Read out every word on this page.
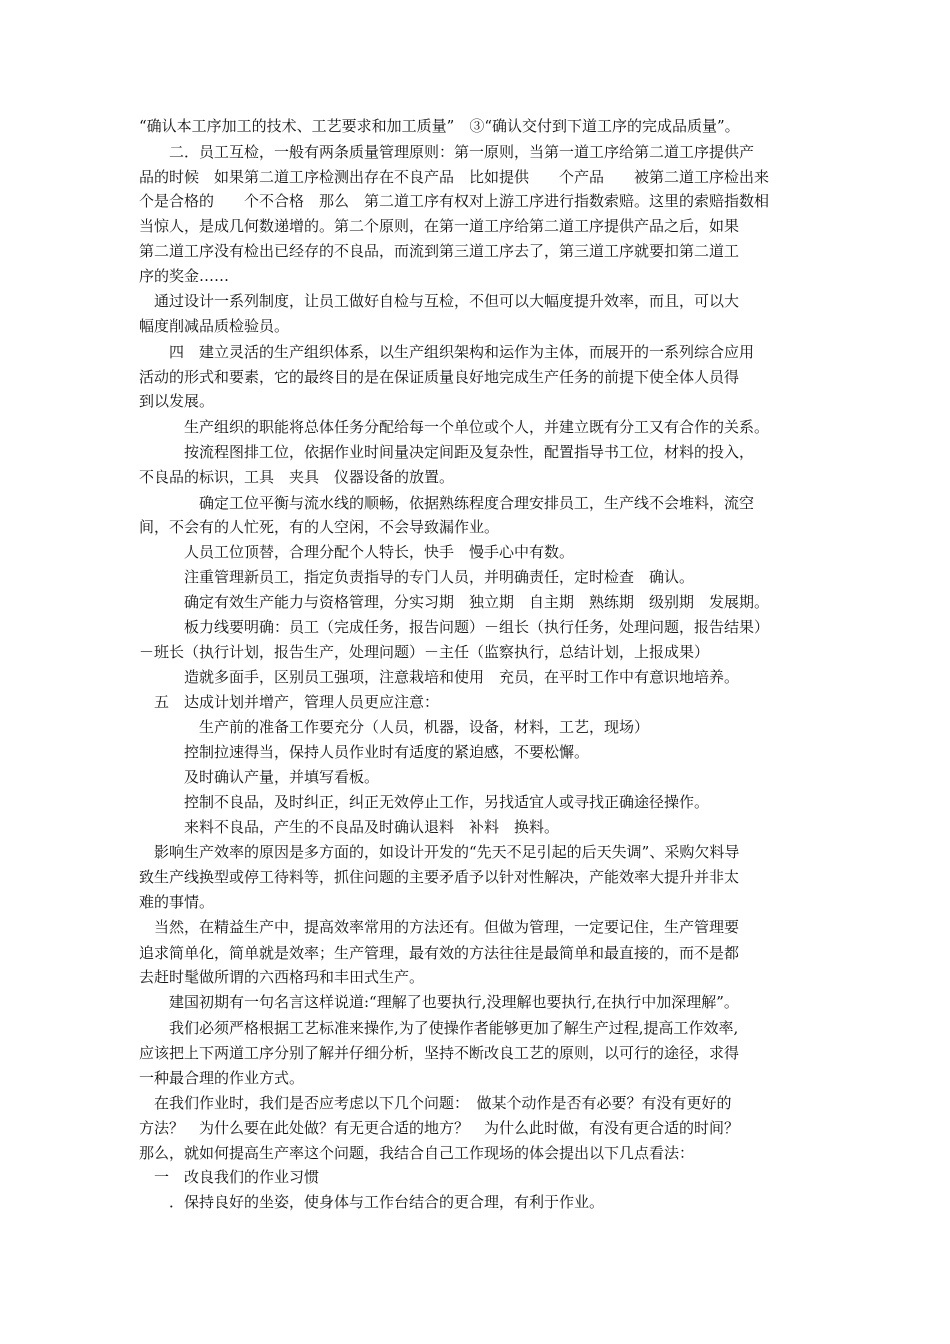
“确认本工序加工的技术、工艺要求和加工质量”　③“确认交付到下道工序的完成品质量”。

　　二．员工互检，一般有两条质量管理原则：第一原则，当第一道工序给第二道工序提供产

品的时候　如果第二道工序检测出存在不良产品　比如提供　　个产品　　被第二道工序检出来

个是合格的　　个不合格　那么　第二道工序有权对上游工序进行指数索赔。这里的索赔指数相

当惊人，是成几何数递增的。第二个原则，在第一道工序给第二道工序提供产品之后，如果

第二道工序没有检出已经存的不良品，而流到第三道工序去了，第三道工序就要扣第二道工

序的奖金……

　通过设计一系列制度，让员工做好自检与互检，不但可以大幅度提升效率，而且，可以大

幅度削减品质检验员。

　　四　建立灵活的生产组织体系，以生产组织架构和运作为主体，而展开的一系列综合应用

活动的形式和要素，它的最终目的是在保证质量良好地完成生产任务的前提下使全体人员得

到以发展。

　　　生产组织的职能将总体任务分配给每一个单位或个人，并建立既有分工又有合作的关系。

　　　按流程图排工位，依据作业时间量决定间距及复杂性，配置指导书工位，材料的投入，

不良品的标识，工具　夹具　仪器设备的放置。

　　　　确定工位平衡与流水线的顺畅，依据熟练程度合理安排员工，生产线不会堆料，流空

间，不会有的人忙死，有的人空闲，不会导致漏作业。

　　　人员工位顶替，合理分配个人特长，快手　慢手心中有数。

　　　注重管理新员工，指定负责指导的专门人员，并明确责任，定时检查　确认。

　　　确定有效生产能力与资格管理，分实习期　独立期　自主期　熟练期　级别期　发展期。

　　　板力线要明确：员工（完成任务，报告问题）－组长（执行任务，处理问题，报告结果）

－班长（执行计划，报告生产，处理问题）－主任（监察执行，总结计划，上报成果）

　　　造就多面手，区别员工强项，注意栽培和使用　充员，在平时工作中有意识地培养。

　五　达成计划并增产，管理人员更应注意：

　　　　生产前的准备工作要充分（人员，机器，设备，材料，工艺，现场）

　　　控制拉速得当，保持人员作业时有适度的紧迫感，不要松懈。

　　　及时确认产量，并填写看板。

　　　控制不良品，及时纠正，纠正无效停止工作，另找适宜人或寻找正确途径操作。

　　　来料不良品，产生的不良品及时确认退料　补料　换料。

　影响生产效率的原因是多方面的，如设计开发的“先天不足引起的后天失调”、采购欠料导

致生产线换型或停工待料等，抓住问题的主要矛盾予以针对性解决，产能效率大提升并非太

难的事情。

　当然，在精益生产中，提高效率常用的方法还有。但做为管理，一定要记住，生产管理要

追求简单化，简单就是效率；生产管理，最有效的方法往往是最简单和最直接的，而不是都

去赶时髦做所谓的六西格玛和丰田式生产。

　　建国初期有一句名言这样说道:“理解了也要执行,没理解也要执行,在执行中加深理解”。

　　我们必须严格根据工艺标准来操作,为了使操作者能够更加了解生产过程,提高工作效率,

应该把上下两道工序分别了解并仔细分析，坚持不断改良工艺的原则，以可行的途径，求得

一种最合理的作业方式。

　在我们作业时，我们是否应考虑以下几个问题：　做某个动作是否有必要？有没有更好的

方法？　为什么要在此处做？有无更合适的地方？　为什么此时做，有没有更合适的时间？

那么，就如何提高生产率这个问题，我结合自己工作现场的体会提出以下几点看法：

　一　改良我们的作业习惯

　　．保持良好的坐姿，使身体与工作台结合的更合理，有利于作业。
